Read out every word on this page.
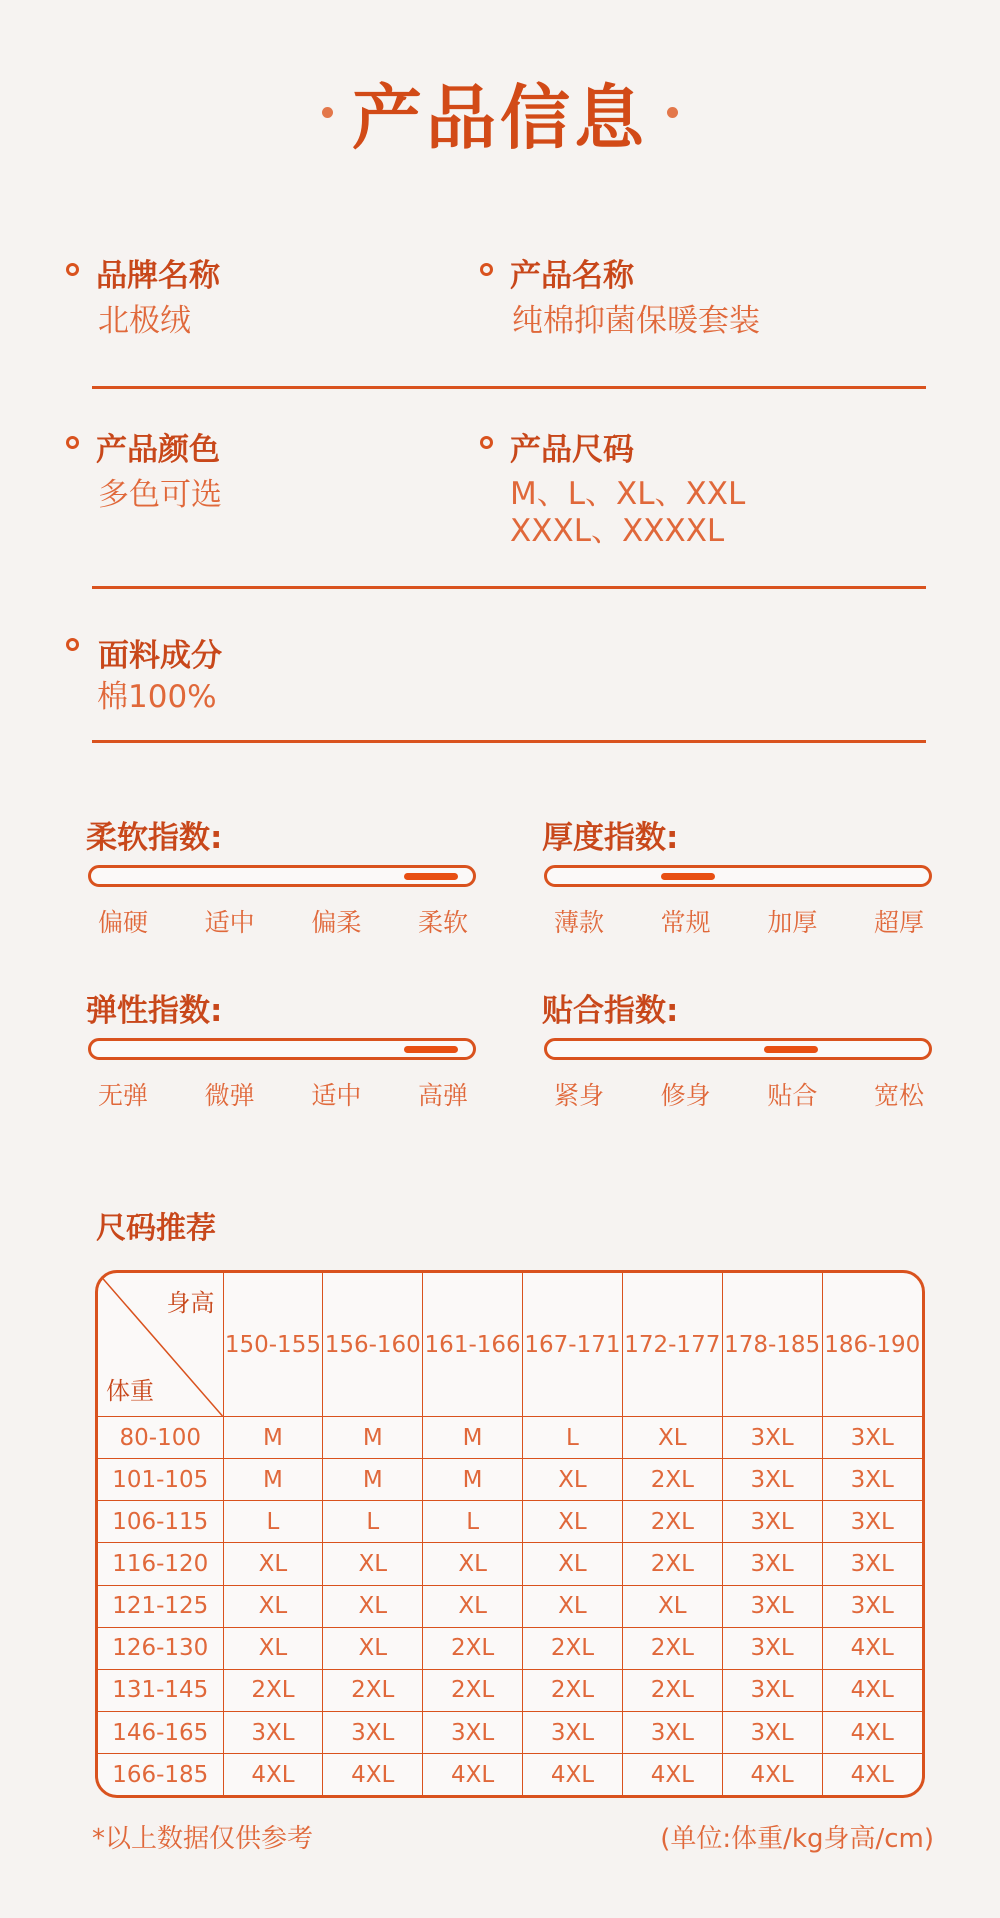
产品信息
品牌名称
北极绒
产品名称
纯棉抑菌保暖套装
产品颜色
多色可选
产品尺码
M、L、XL、XXL
XXXL、XXXXL
面料成分
棉100%
柔软指数:
偏硬 适中 偏柔 柔软
厚度指数:
薄款 常规 加厚 超厚
弹性指数:
无弹 微弹 适中 高弹
贴合指数:
紧身 修身 贴合 宽松
尺码推荐
身高
体重	150-155	156-160	161-166	167-171	172-177	178-185	186-190
80-100	M	M	M	L	XL	3XL	3XL
101-105	M	M	M	XL	2XL	3XL	3XL
106-115	L	L	L	XL	2XL	3XL	3XL
116-120	XL	XL	XL	XL	2XL	3XL	3XL
121-125	XL	XL	XL	XL	XL	3XL	3XL
126-130	XL	XL	2XL	2XL	2XL	3XL	4XL
131-145	2XL	2XL	2XL	2XL	2XL	3XL	4XL
146-165	3XL	3XL	3XL	3XL	3XL	3XL	4XL
166-185	4XL	4XL	4XL	4XL	4XL	4XL	4XL
*以上数据仅供参考	(单位:体重/kg身高/cm)
